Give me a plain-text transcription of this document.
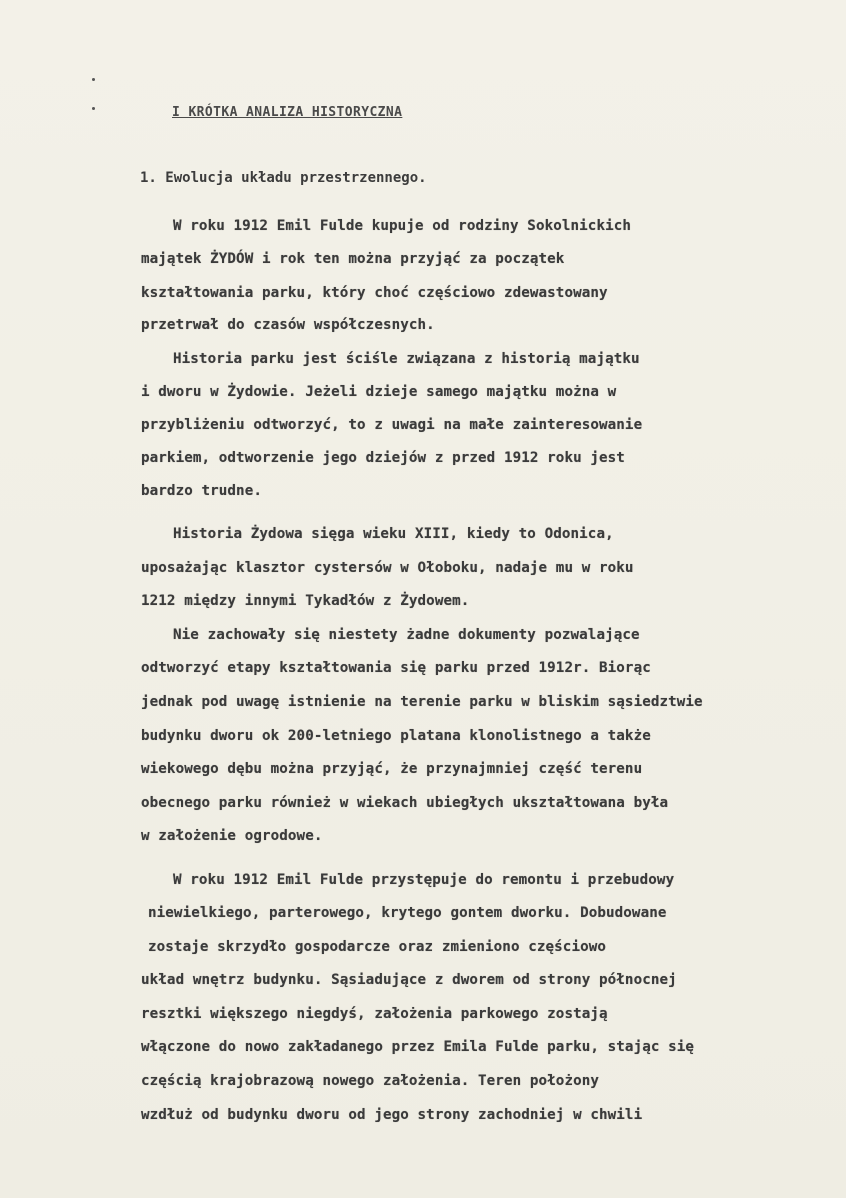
I KRÓTKA ANALIZA HISTORYCZNA
1. Ewolucja układu przestrzennego.
W roku 1912 Emil Fulde kupuje od rodziny Sokolnickich
majątek ŻYDÓW i rok ten można przyjąć za początek
kształtowania parku, który choć częściowo zdewastowany
przetrwał do czasów współczesnych.
Historia parku jest ściśle związana z historią majątku
i dworu w Żydowie. Jeżeli dzieje samego majątku można w
przybliżeniu odtworzyć, to z uwagi na małe zainteresowanie
parkiem, odtworzenie jego dziejów z przed 1912 roku jest
bardzo trudne.
Historia Żydowa sięga wieku XIII, kiedy to Odonica,
uposażając klasztor cystersów w Ołoboku, nadaje mu w roku
1212 między innymi Tykadłów z Żydowem.
Nie zachowały się niestety żadne dokumenty pozwalające
odtworzyć etapy kształtowania się parku przed 1912r. Biorąc
jednak pod uwagę istnienie na terenie parku w bliskim sąsiedztwie
budynku dworu ok 200-letniego platana klonolistnego a także
wiekowego dębu można przyjąć, że przynajmniej część terenu
obecnego parku również w wiekach ubiegłych ukształtowana była
w założenie ogrodowe.
W roku 1912 Emil Fulde przystępuje do remontu i przebudowy
niewielkiego, parterowego, krytego gontem dworku. Dobudowane
zostaje skrzydło gospodarcze oraz zmieniono częściowo
układ wnętrz budynku. Sąsiadujące z dworem od strony północnej
resztki większego niegdyś, założenia parkowego zostają
włączone do nowo zakładanego przez Emila Fulde parku, stając się
częścią krajobrazową nowego założenia. Teren położony
wzdłuż od budynku dworu od jego strony zachodniej w chwili
